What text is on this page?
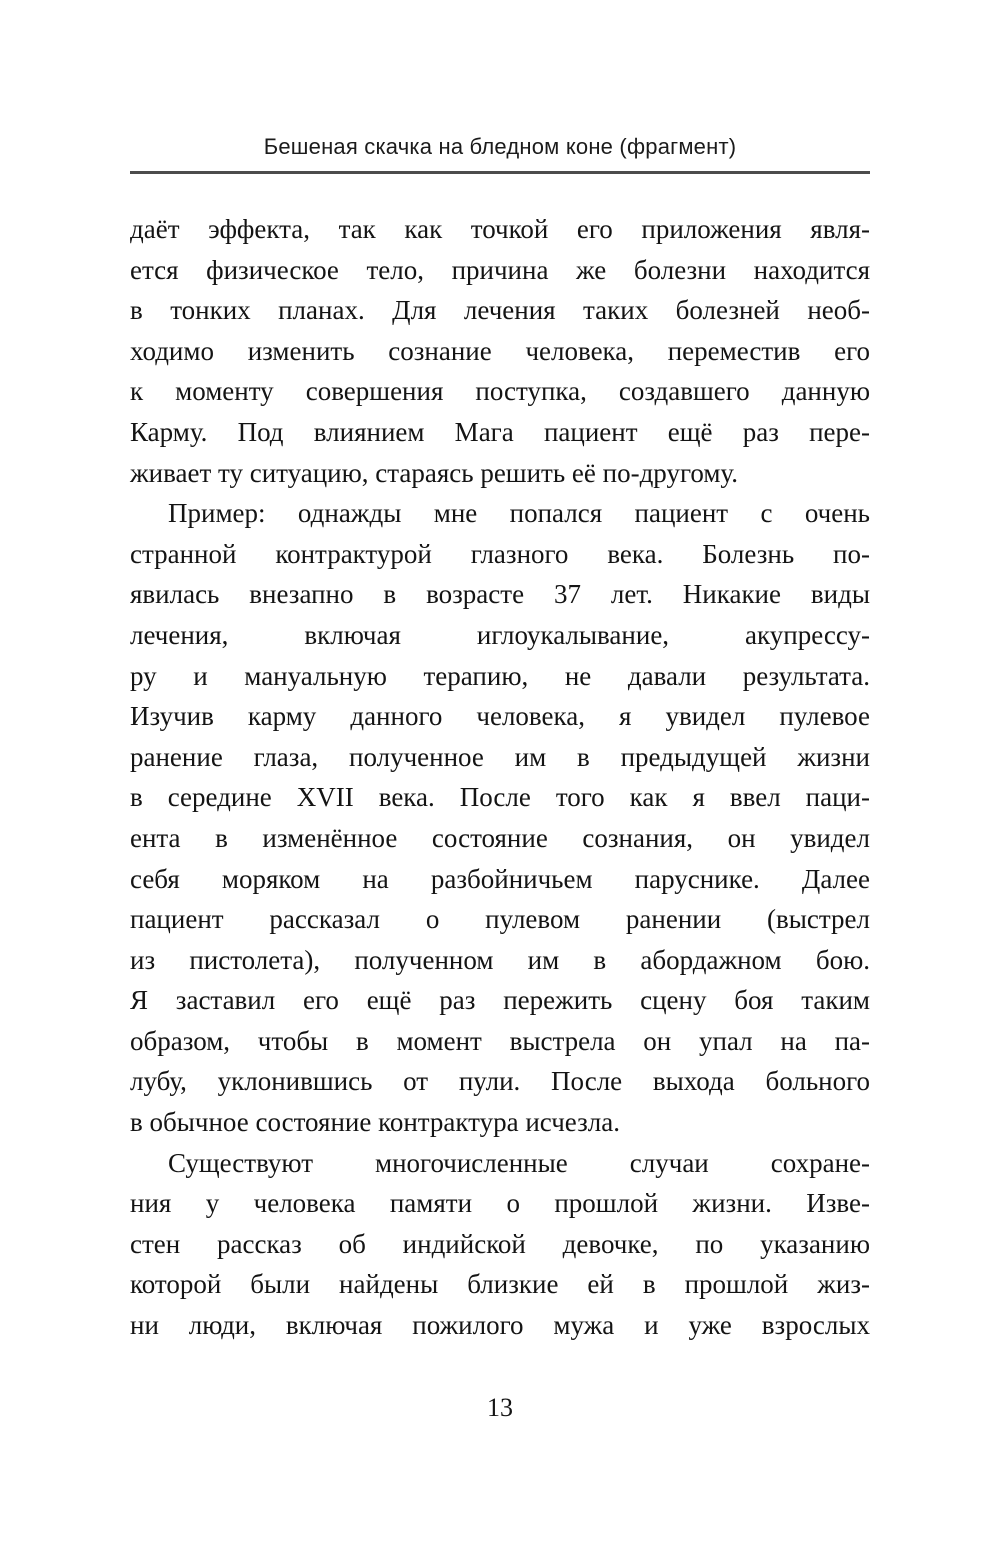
Бешеная скачка на бледном коне (фрагмент)
даёт эффекта, так как точкой его приложения явля-
ется физическое тело, причина же болезни находится
в тонких планах. Для лечения таких болезней необ-
ходимо изменить сознание человека, переместив его
к моменту совершения поступка, создавшего данную
Карму. Под влиянием Мага пациент ещё раз пере-
живает ту ситуацию, стараясь решить её по-другому.
Пример: однажды мне попался пациент с очень
странной контрактурой глазного века. Болезнь по-
явилась внезапно в возрасте 37 лет. Никакие виды
лечения, включая иглоукалывание, акупрессу-
ру и мануальную терапию, не давали результата.
Изучив карму данного человека, я увидел пулевое
ранение глаза, полученное им в предыдущей жизни
в середине XVII века. После того как я ввел паци-
ента в изменённое состояние сознания, он увидел
себя моряком на разбойничьем паруснике. Далее
пациент рассказал о пулевом ранении (выстрел
из пистолета), полученном им в абордажном бою.
Я заставил его ещё раз пережить сцену боя таким
образом, чтобы в момент выстрела он упал на па-
лубу, уклонившись от пули. После выхода больного
в обычное состояние контрактура исчезла.
Существуют многочисленные случаи сохране-
ния у человека памяти о прошлой жизни. Изве-
стен рассказ об индийской девочке, по указанию
которой были найдены близкие ей в прошлой жиз-
ни люди, включая пожилого мужа и уже взрослых
13
